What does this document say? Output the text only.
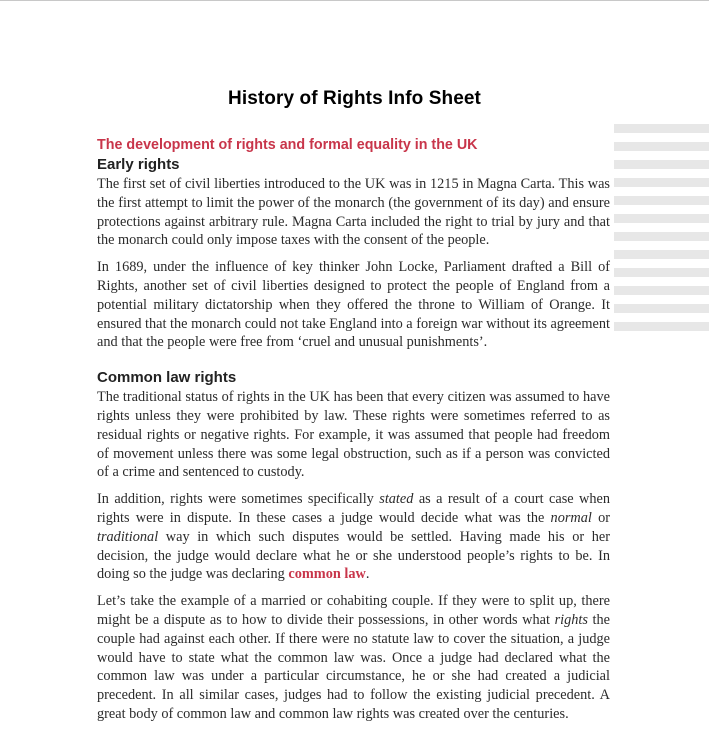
History of Rights Info Sheet
The development of rights and formal equality in the UK
Early rights

The first set of civil liberties introduced to the UK was in 1215 in Magna Carta. This was the first attempt to limit the power of the monarch (the government of its day) and ensure protections against arbitrary rule. Magna Carta included the right to trial by jury and that the monarch could only impose taxes with the consent of the people.

In 1689, under the influence of key thinker John Locke, Parliament drafted a Bill of Rights, another set of civil liberties designed to protect the people of England from a potential military dictatorship when they offered the throne to William of Orange. It ensured that the monarch could not take England into a foreign war without its agreement and that the people were free from ‘cruel and unusual punishments’.

Common law rights

The traditional status of rights in the UK has been that every citizen was assumed to have rights unless they were prohibited by law. These rights were sometimes referred to as residual rights or negative rights. For example, it was assumed that people had freedom of movement unless there was some legal obstruction, such as if a person was convicted of a crime and sentenced to custody.

In addition, rights were sometimes specifically stated as a result of a court case when rights were in dispute. In these cases a judge would decide what was the normal or traditional way in which such disputes would be settled. Having made his or her decision, the judge would declare what he or she understood people’s rights to be. In doing so the judge was declaring common law.

Let’s take the example of a married or cohabiting couple. If they were to split up, there might be a dispute as to how to divide their possessions, in other words what rights the couple had against each other. If there were no statute law to cover the situation, a judge would have to state what the common law was. Once a judge had declared what the common law was under a particular circumstance, he or she had created a judicial precedent. In all similar cases, judges had to follow the existing judicial precedent. A great body of common law and common law rights was created over the centuries.
